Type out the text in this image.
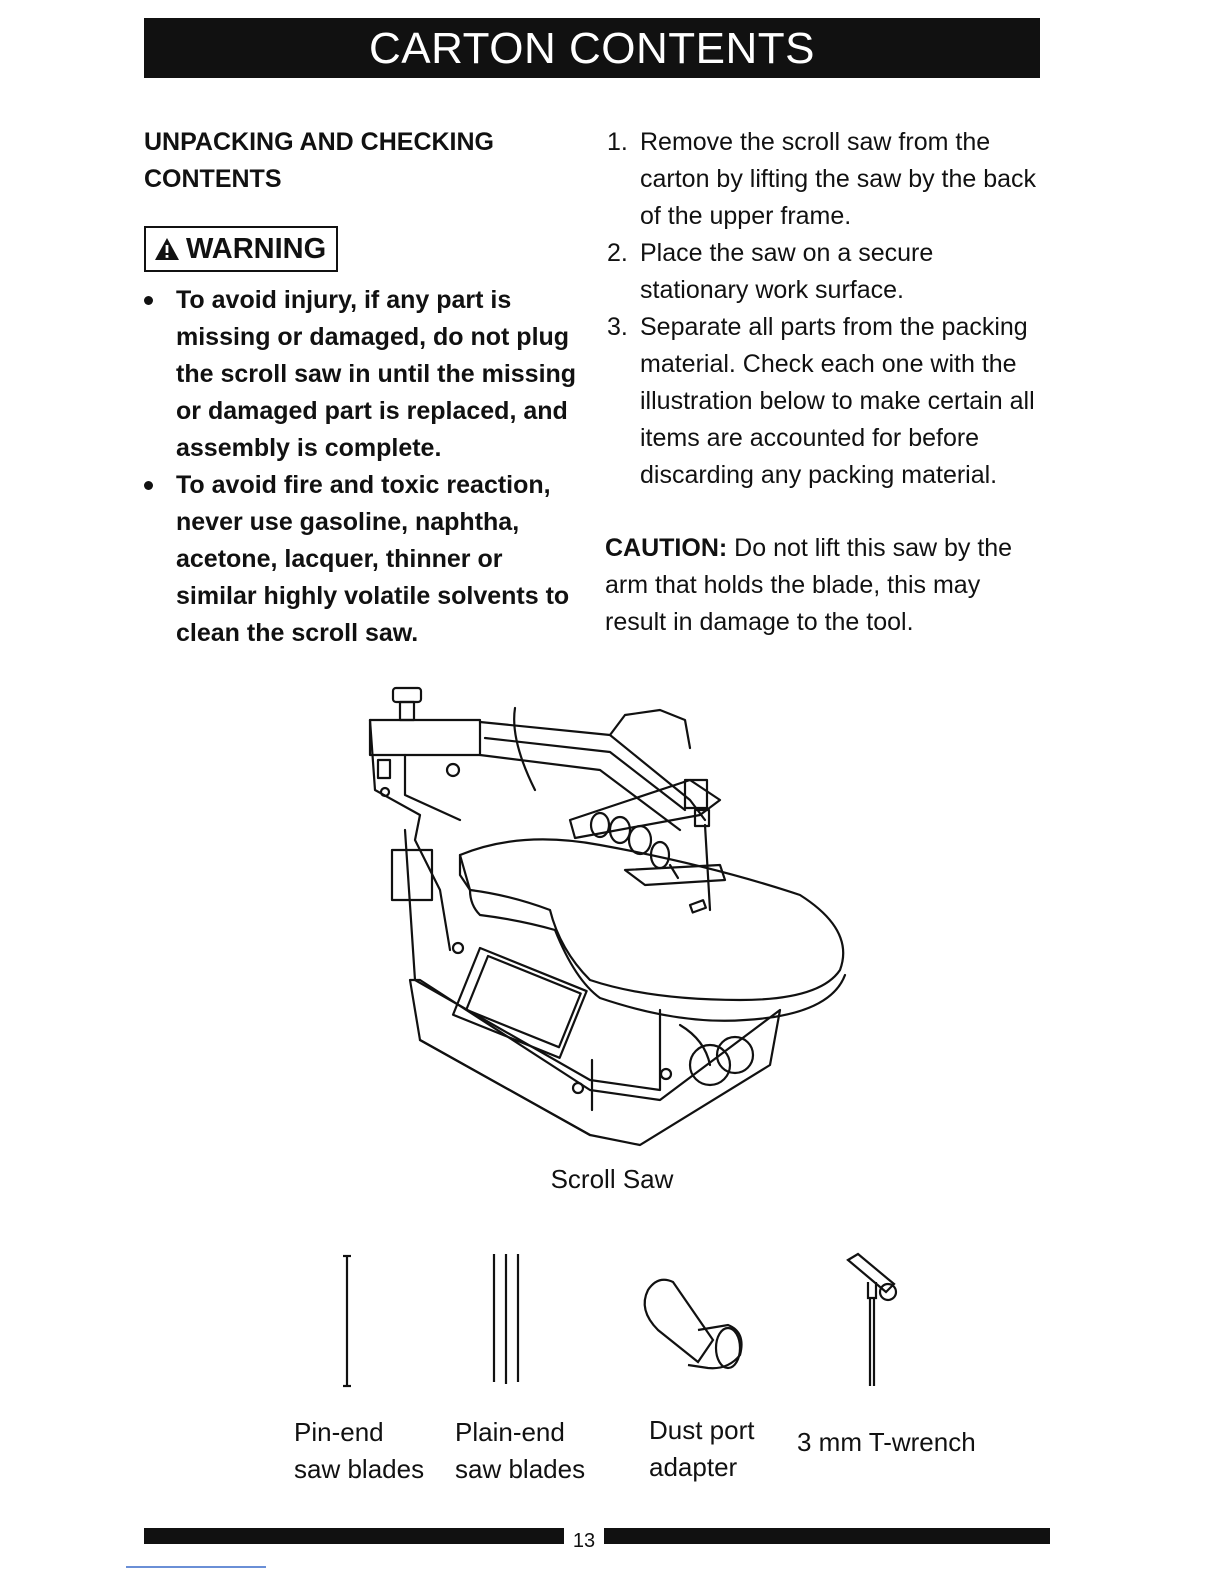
CARTON CONTENTS

UNPACKING AND CHECKING CONTENTS

WARNING
To avoid injury, if any part is missing or damaged, do not plug the scroll saw in until the missing or damaged part is replaced, and assembly is complete.
To avoid fire and toxic reaction, never use gasoline, naphtha, acetone, lacquer, thinner or similar highly volatile solvents to clean the scroll saw.
1. Remove the scroll saw from the carton by lifting the saw by the back of the upper frame.
2. Place the saw on a secure stationary work surface.
3. Separate all parts from the packing material. Check each one with the illustration below to make certain all items are accounted for before discarding any packing material.

CAUTION: Do not lift this saw by the arm that holds the blade, this may result in damage to the tool.

Scroll Saw
Pin-end
saw blades
Plain-end
saw blades
Dust port
adapter
3 mm T-wrench
13
